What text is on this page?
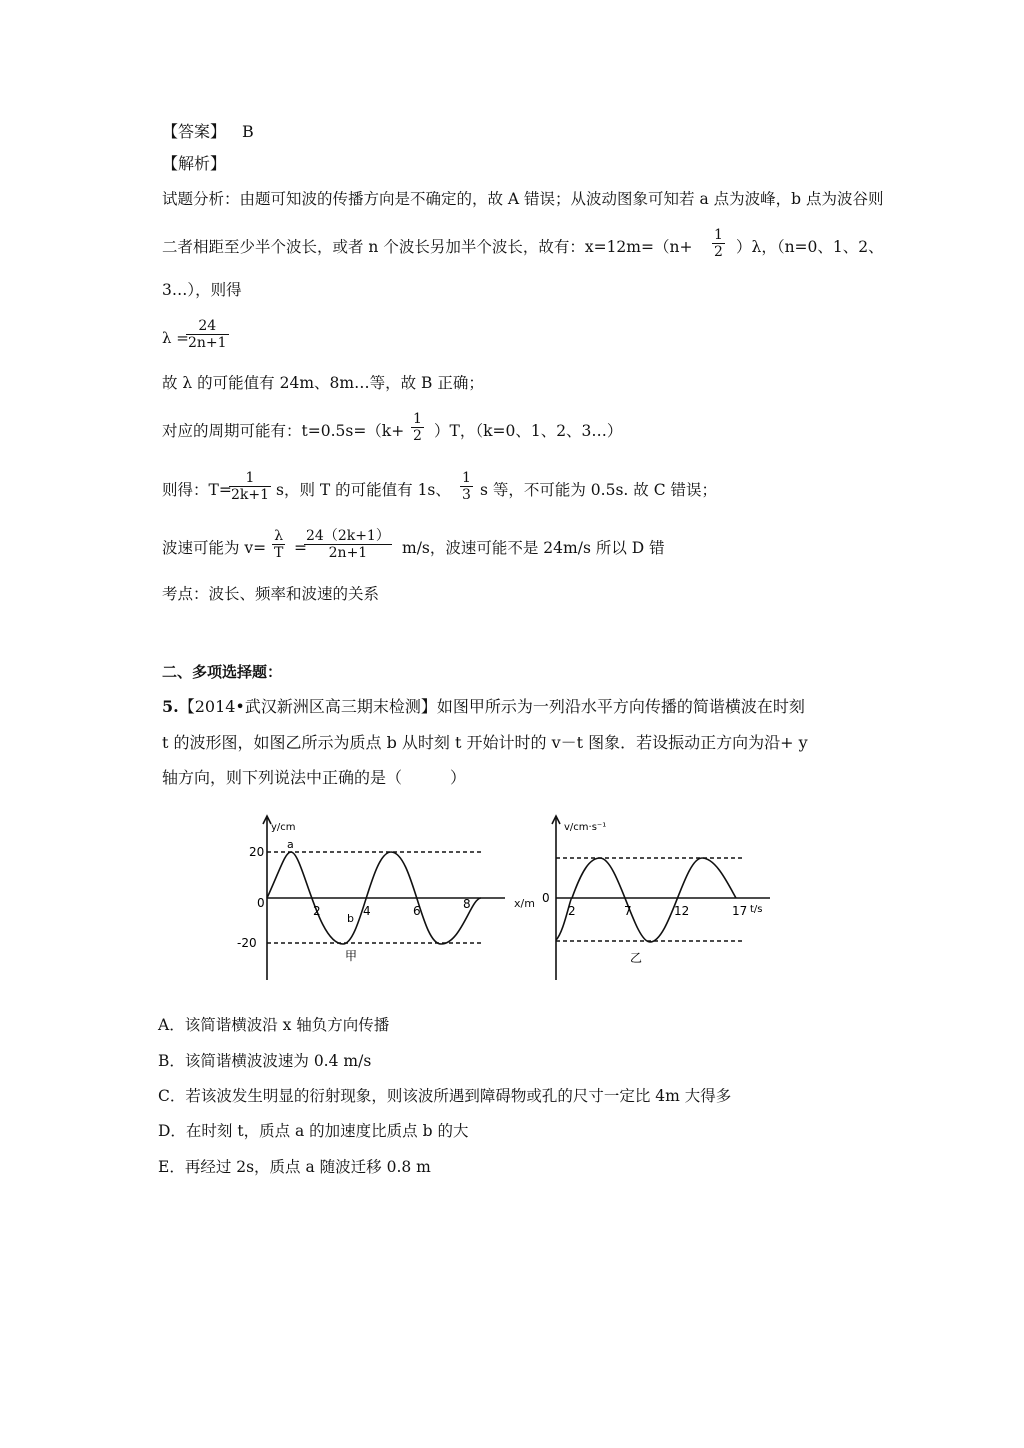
【答案】 B
【解析】
试题分析：由题可知波的传播方向是不确定的，故 A 错误；从波动图象可知若 a 点为波峰，b 点为波谷则
二者相距至少半个波长，或者 n 个波长另加半个波长，故有：$x=12m=(n+ \frac{1}{2} )\lambda$，（n=0、1、2、
3…），则得
λ =
$\frac{24}{2n+1}$
故 λ 的可能值有 24m、8m…等，故 B 正确；
对应的周期可能有：$t=0.5s=(k+ \frac{1}{2} )T$，（k=0、1、2、3…）
则得：T=
$\frac{1}{2k+1}$ s，则 T 的可能值有 1s、 $\frac{1}{3}$ s 等，不可能为 0.5s. 故 C 错误；
波速可能为 $v= \frac{\lambda}{T}$ =
$\frac{24(2k+1)}{2n+1} m/s$，波速可能不是 24m/s 所以 D 错
考点：波长、频率和波速的关系
二、多项选择题：
5.【2014•武汉新洲区高三期末检测】如图甲所示为一列沿水平方向传播的简谐横波在时刻
t 的波形图，如图乙所示为质点 b 从时刻 t 开始计时的 v－t 图象．若设振动正方向为沿+ y
轴方向，则下列说法中正确的是（　　　）
y/cm
20
-20
0
2	4	6	8
a
b
甲
x/m
v/cm·s⁻¹
0
2	7	12	17 t/s
乙
A．该简谐横波沿 x 轴负方向传播
B．该简谐横波波速为 0.4 m/s
C．若该波发生明显的衍射现象，则该波所遇到障碍物或孔的尺寸一定比 4m 大得多
D．在时刻 t，质点 a 的加速度比质点 b 的大
E．再经过 2s，质点 a 随波迁移 0.8 m
